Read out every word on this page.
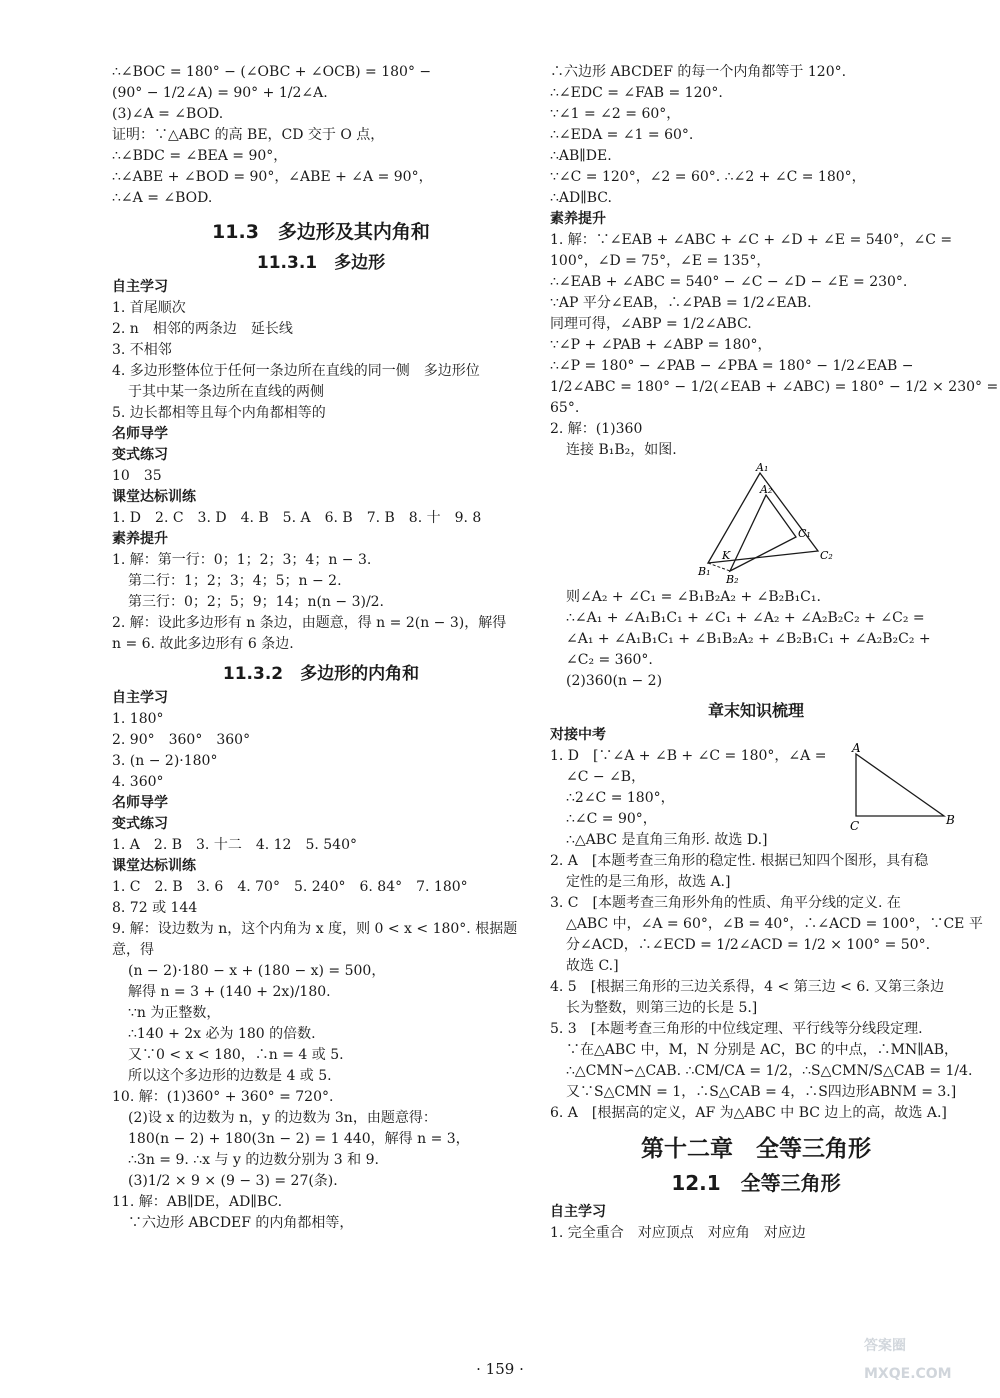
∴∠BOC = 180° − (∠OBC + ∠OCB) = 180° −
(90° − 1/2∠A) = 90° + 1/2∠A.
(3)∠A = ∠BOD.
证明：∵△ABC 的高 BE，CD 交于 O 点，
∴∠BDC = ∠BEA = 90°，
∴∠ABE + ∠BOD = 90°，∠ABE + ∠A = 90°，
∴∠A = ∠BOD.
11.3　多边形及其内角和
11.3.1　多边形
自主学习
1. 首尾顺次
2. n　相邻的两条边　延长线
3. 不相邻
4. 多边形整体位于任何一条边所在直线的同一侧　多边形位
于其中某一条边所在直线的两侧
5. 边长都相等且每个内角都相等的
名师导学
变式练习
10　35
课堂达标训练
1. D　2. C　3. D　4. B　5. A　6. B　7. B　8. 十　9. 8
素养提升
1. 解：第一行：0；1；2；3；4；n − 3.
第二行：1；2；3；4；5；n − 2.
第三行：0；2；5；9；14；n(n − 3)/2.
2. 解：设此多边形有 n 条边，由题意，得 n = 2(n − 3)，解得
n = 6. 故此多边形有 6 条边.
11.3.2　多边形的内角和
自主学习
1. 180°
2. 90°　360°　360°
3. (n − 2)·180°
4. 360°
名师导学
变式练习
1. A　2. B　3. 十二　4. 12　5. 540°
课堂达标训练
1. C　2. B　3. 6　4. 70°　5. 240°　6. 84°　7. 180°
8. 72 或 144
9. 解：设边数为 n，这个内角为 x 度，则 0 < x < 180°. 根据题
意，得
(n − 2)·180 − x + (180 − x) = 500，
解得 n = 3 + (140 + 2x)/180.
∵n 为正整数，
∴140 + 2x 必为 180 的倍数.
又∵0 < x < 180，∴n = 4 或 5.
所以这个多边形的边数是 4 或 5.
10. 解：(1)360° + 360° = 720°.
(2)设 x 的边数为 n，y 的边数为 3n，由题意得：
180(n − 2) + 180(3n − 2) = 1 440，解得 n = 3，
∴3n = 9. ∴x 与 y 的边数分别为 3 和 9.
(3)1/2 × 9 × (9 − 3) = 27(条).
11. 解：AB∥DE，AD∥BC.
∵六边形 ABCDEF 的内角都相等，
∴六边形 ABCDEF 的每一个内角都等于 120°.
∴∠EDC = ∠FAB = 120°.
∵∠1 = ∠2 = 60°，
∴∠EDA = ∠1 = 60°.
∴AB∥DE.
∵∠C = 120°，∠2 = 60°. ∴∠2 + ∠C = 180°，
∴AD∥BC.
素养提升
1. 解：∵∠EAB + ∠ABC + ∠C + ∠D + ∠E = 540°，∠C =
100°，∠D = 75°，∠E = 135°，
∴∠EAB + ∠ABC = 540° − ∠C − ∠D − ∠E = 230°.
∵AP 平分∠EAB，∴∠PAB = 1/2∠EAB.
同理可得，∠ABP = 1/2∠ABC.
∵∠P + ∠PAB + ∠ABP = 180°，
∴∠P = 180° − ∠PAB − ∠PBA = 180° − 1/2∠EAB −
1/2∠ABC = 180° − 1/2(∠EAB + ∠ABC) = 180° − 1/2 × 230° =
65°.
2. 解：(1)360
连接 B₁B₂，如图.
A₁
A₂
C₁
C₂
K
B₁
B₂
则∠A₂ + ∠C₁ = ∠B₁B₂A₂ + ∠B₂B₁C₁.
∴∠A₁ + ∠A₁B₁C₁ + ∠C₁ + ∠A₂ + ∠A₂B₂C₂ + ∠C₂ =
∠A₁ + ∠A₁B₁C₁ + ∠B₁B₂A₂ + ∠B₂B₁C₁ + ∠A₂B₂C₂ +
∠C₂ = 360°.
(2)360(n − 2)
章末知识梳理
对接中考
1. D　[∵∠A + ∠B + ∠C = 180°，∠A =
∠C − ∠B，
∴2∠C = 180°，
∴∠C = 90°，
∴△ABC 是直角三角形. 故选 D.]
A
C	B
2. A　[本题考查三角形的稳定性. 根据已知四个图形，具有稳
定性的是三角形，故选 A.]
3. C　[本题考查三角形外角的性质、角平分线的定义. 在
△ABC 中，∠A = 60°，∠B = 40°，∴∠ACD = 100°，∵CE 平
分∠ACD，∴∠ECD = 1/2∠ACD = 1/2 × 100° = 50°.
故选 C.]
4. 5　[根据三角形的三边关系得，4 < 第三边 < 6. 又第三条边
长为整数，则第三边的长是 5.]
5. 3　[本题考查三角形的中位线定理、平行线等分线段定理.
∵在△ABC 中，M，N 分别是 AC，BC 的中点，∴MN∥AB，
∴△CMN∽△CAB. ∴CM/CA = 1/2，∴S△CMN/S△CAB = 1/4.
又∵S△CMN = 1，∴S△CAB = 4，∴S四边形ABNM = 3.]
6. A　[根据高的定义，AF 为△ABC 中 BC 边上的高，故选 A.]
第十二章　全等三角形
12.1　全等三角形
自主学习
1. 完全重合　对应顶点　对应角　对应边
· 159 ·
答案圈
MXQE.COM
